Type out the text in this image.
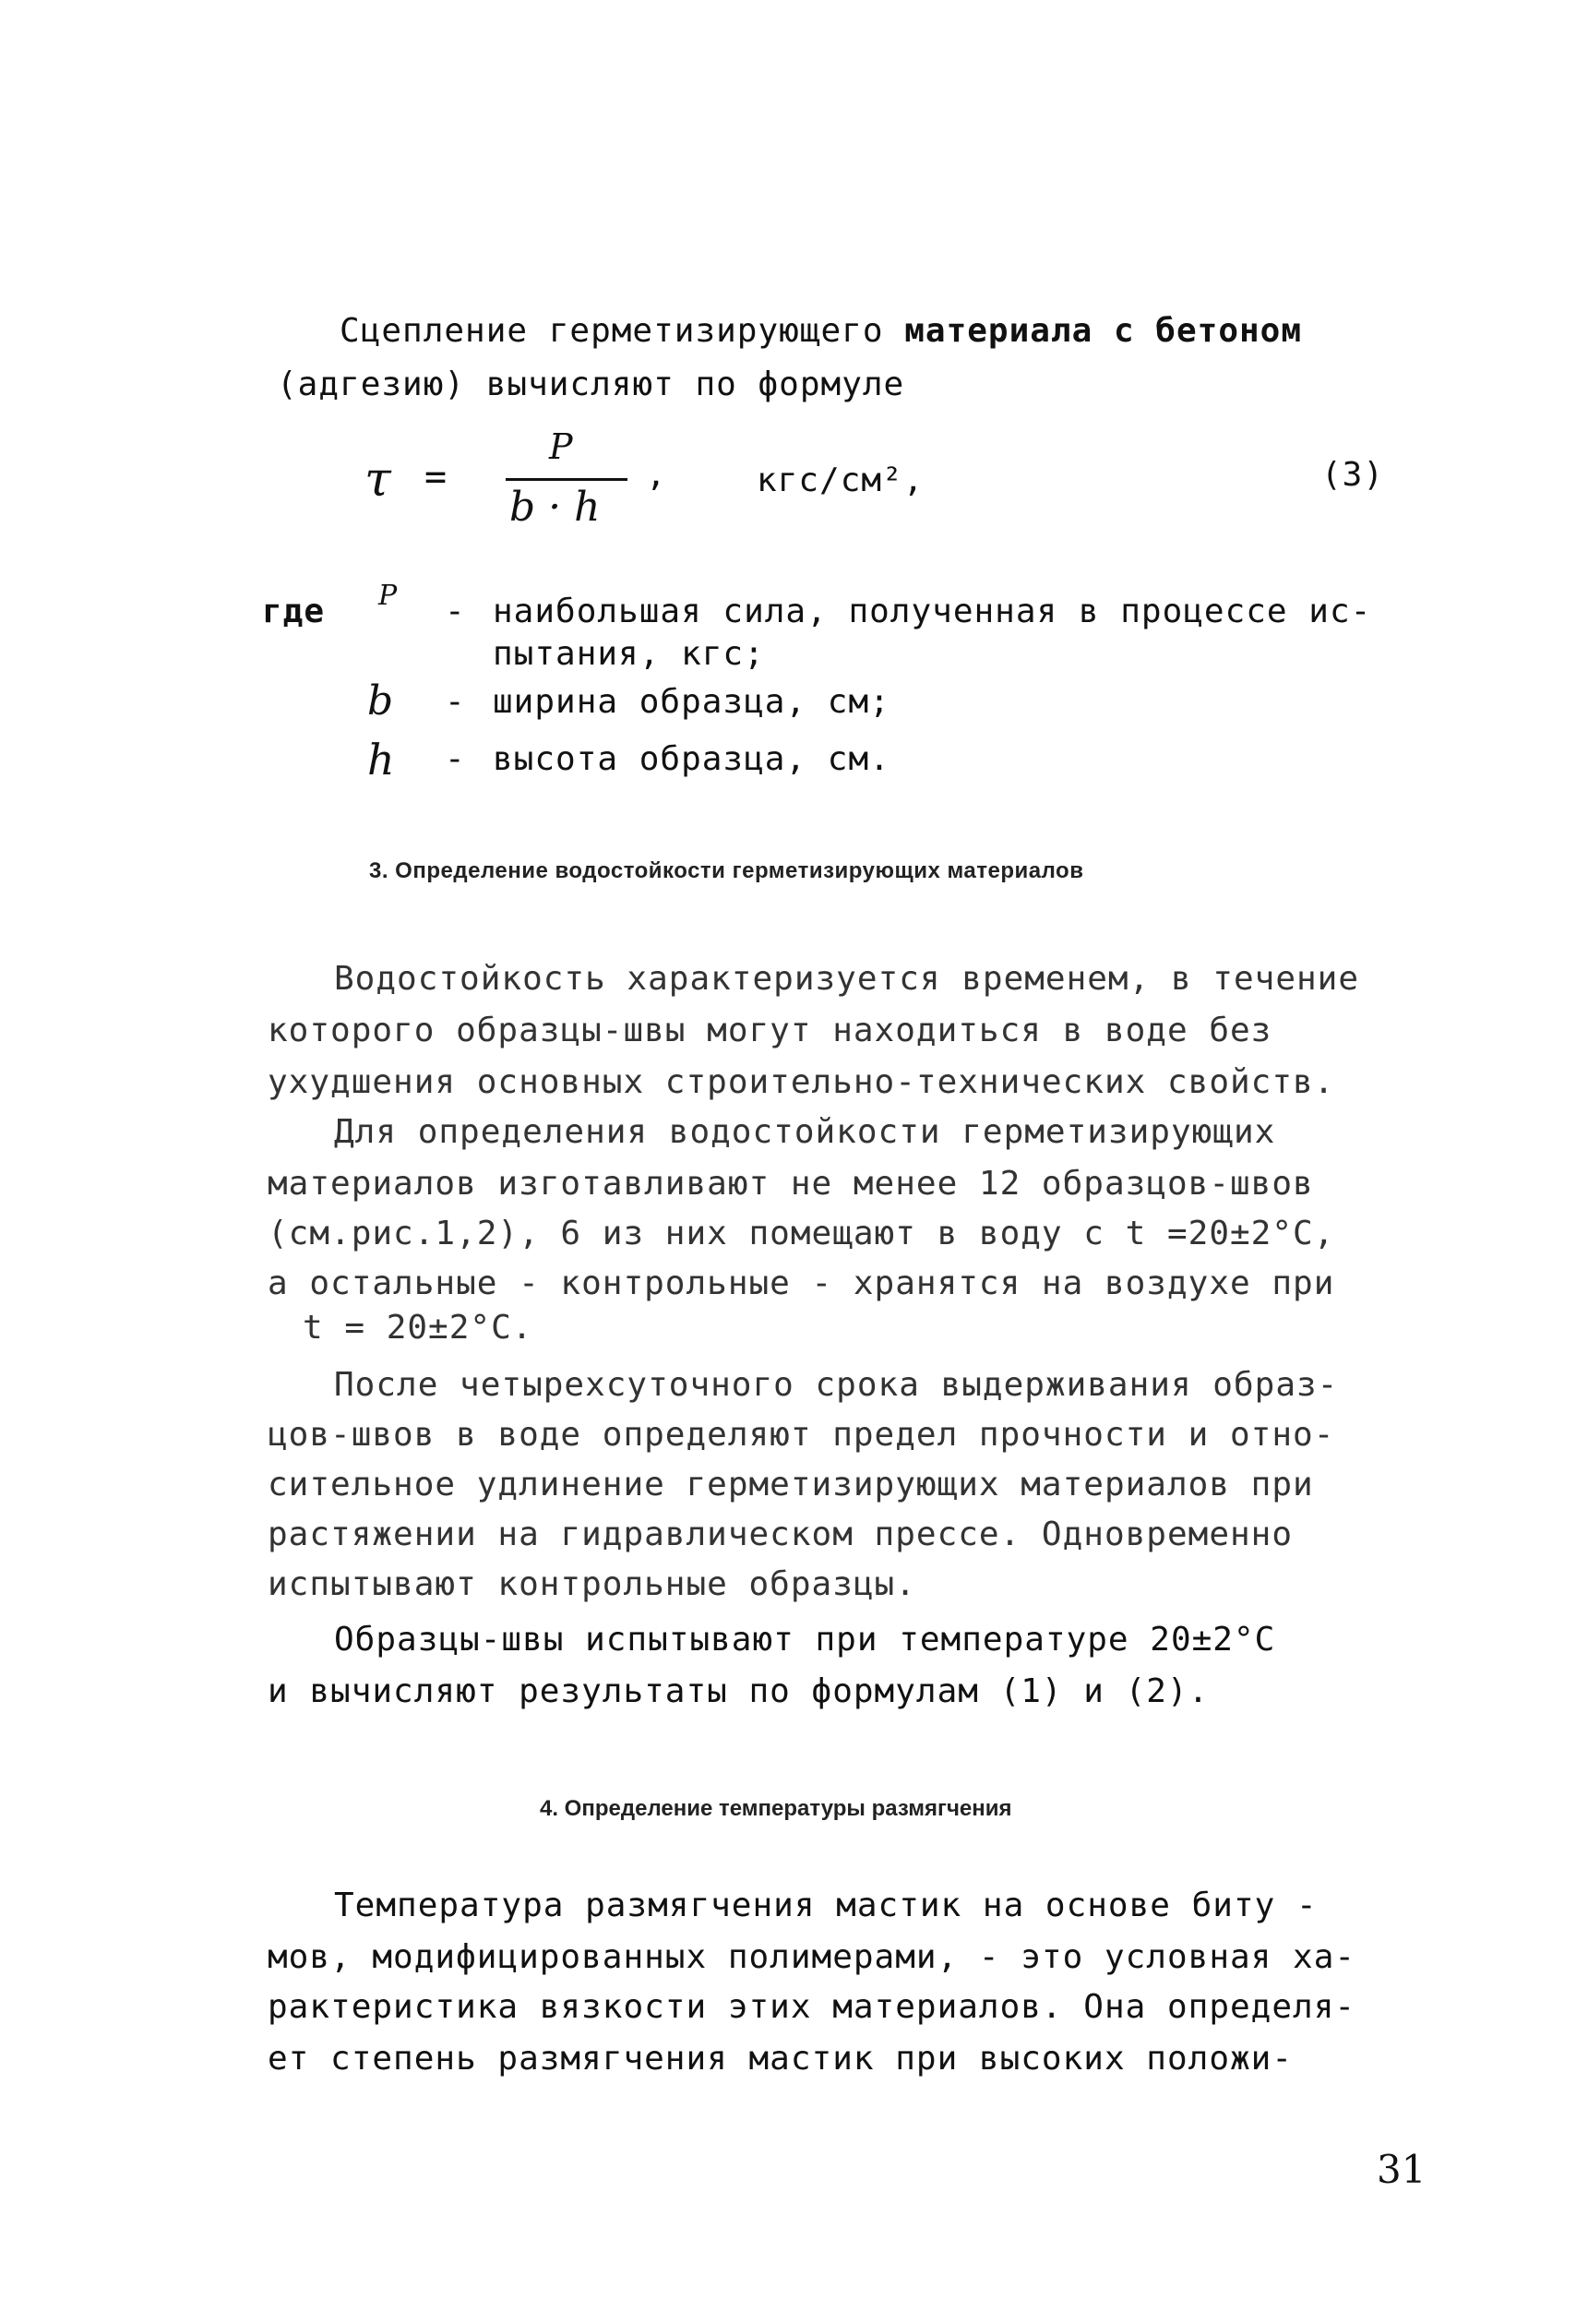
Сцепление герметизирующего материала с бетоном
(адгезию) вычисляют по формуле
τ =
P
b · h
,	кгс/см²,	(3)
где P - наибольшая сила, полученная в процессе ис-
пытания, кгс;
b - ширина образца, см;
h - высота образца, см.
3. Определение водостойкости герметизирующих материалов
Водостойкость характеризуется временем, в течение
которого образцы-швы могут находиться в воде без
ухудшения основных строительно-технических свойств.
Для определения водостойкости герметизирующих
материалов изготавливают не менее 12 образцов-швов
(см.рис.1,2), 6 из них помещают в воду с t =20±2°C,
а остальные - контрольные - хранятся на воздухе при
t = 20±2°C.
После четырехсуточного срока выдерживания образ-
цов-швов в воде определяют предел прочности и отно-
сительное удлинение герметизирующих материалов при
растяжении на гидравлическом прессе. Одновременно
испытывают контрольные образцы.
Образцы-швы испытывают при температуре 20±2°C
и вычисляют результаты по формулам (1) и (2).
4. Определение температуры размягчения
Температура размягчения мастик на основе биту -
мов, модифицированных полимерами, - это условная ха-
рактеристика вязкости этих материалов. Она определя-
ет степень размягчения мастик при высоких положи-
31
